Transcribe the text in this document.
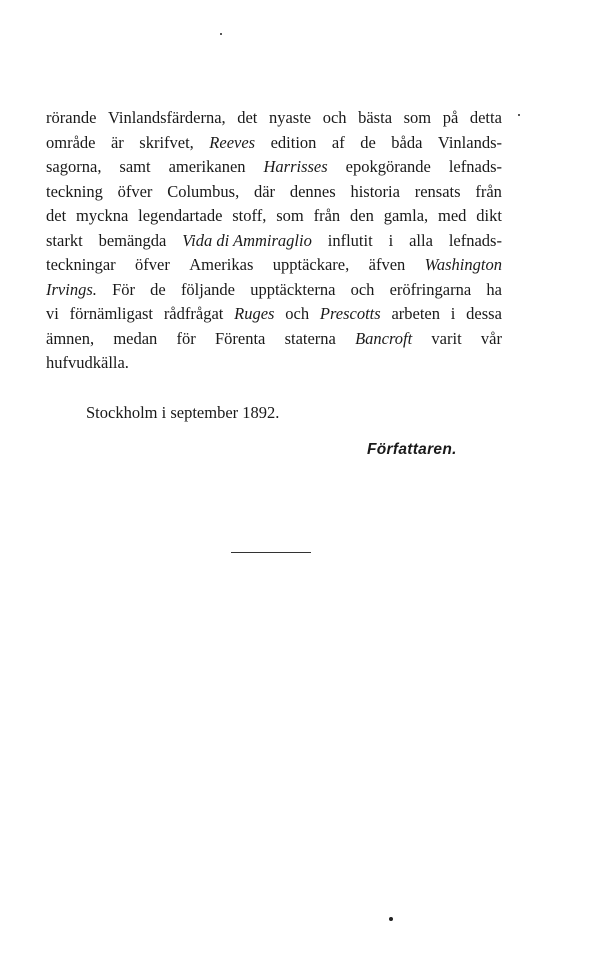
rörande Vinlandsfärderna, det nyaste och bästa som på detta
område är skrifvet, Reeves edition af de båda Vinlands-
sagorna, samt amerikanen Harrisses epokgörande lefnads-
teckning öfver Columbus, där dennes historia rensats från
det myckna legendartade stoff, som från den gamla, med dikt
starkt bemängda Vida di Ammiraglio influtit i alla lefnads-
teckningar öfver Amerikas upptäckare, äfven Washington
Irvings. För de följande upptäckterna och eröfringarna ha
vi förnämligast rådfrågat Ruges och Prescotts arbeten i dessa
ämnen, medan för Förenta staterna Bancroft varit vår
hufvudkälla.
Stockholm i september 1892.
Författaren.
